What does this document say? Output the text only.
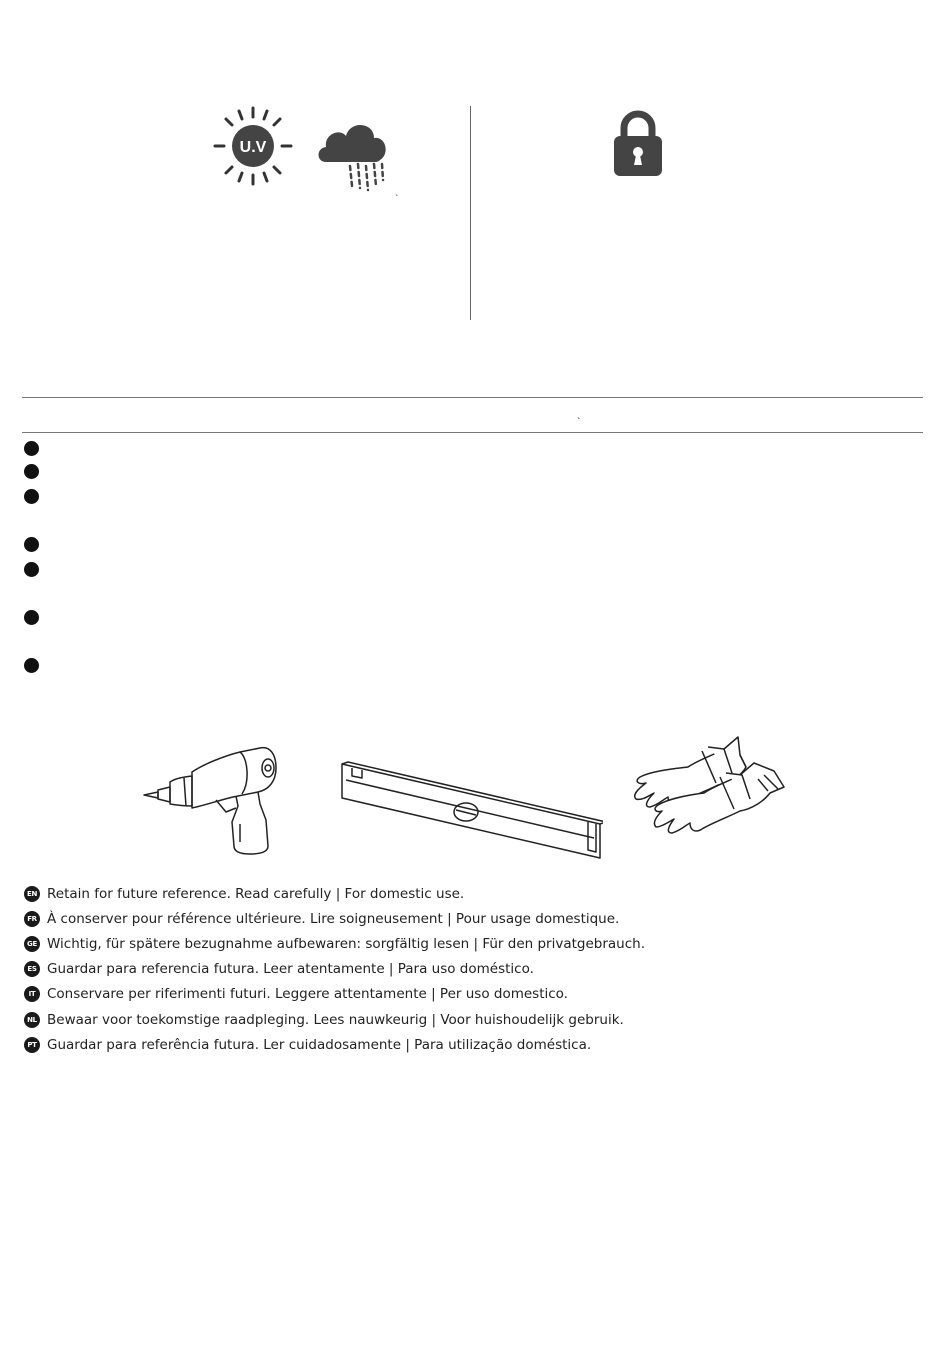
U.V
`
`
EN Retain for future reference. Read carefully | For domestic use.
FR À conserver pour référence ultérieure. Lire soigneusement | Pour usage domestique.
GE Wichtig, für spätere bezugnahme aufbewaren: sorgfältig lesen | Für den privatgebrauch.
ES Guardar para referencia futura. Leer atentamente | Para uso doméstico.
IT Conservare per riferimenti futuri. Leggere attentamente | Per uso domestico.
NL Bewaar voor toekomstige raadpleging. Lees nauwkeurig | Voor huishoudelijk gebruik.
PT Guardar para referência futura. Ler cuidadosamente | Para utilização doméstica.
